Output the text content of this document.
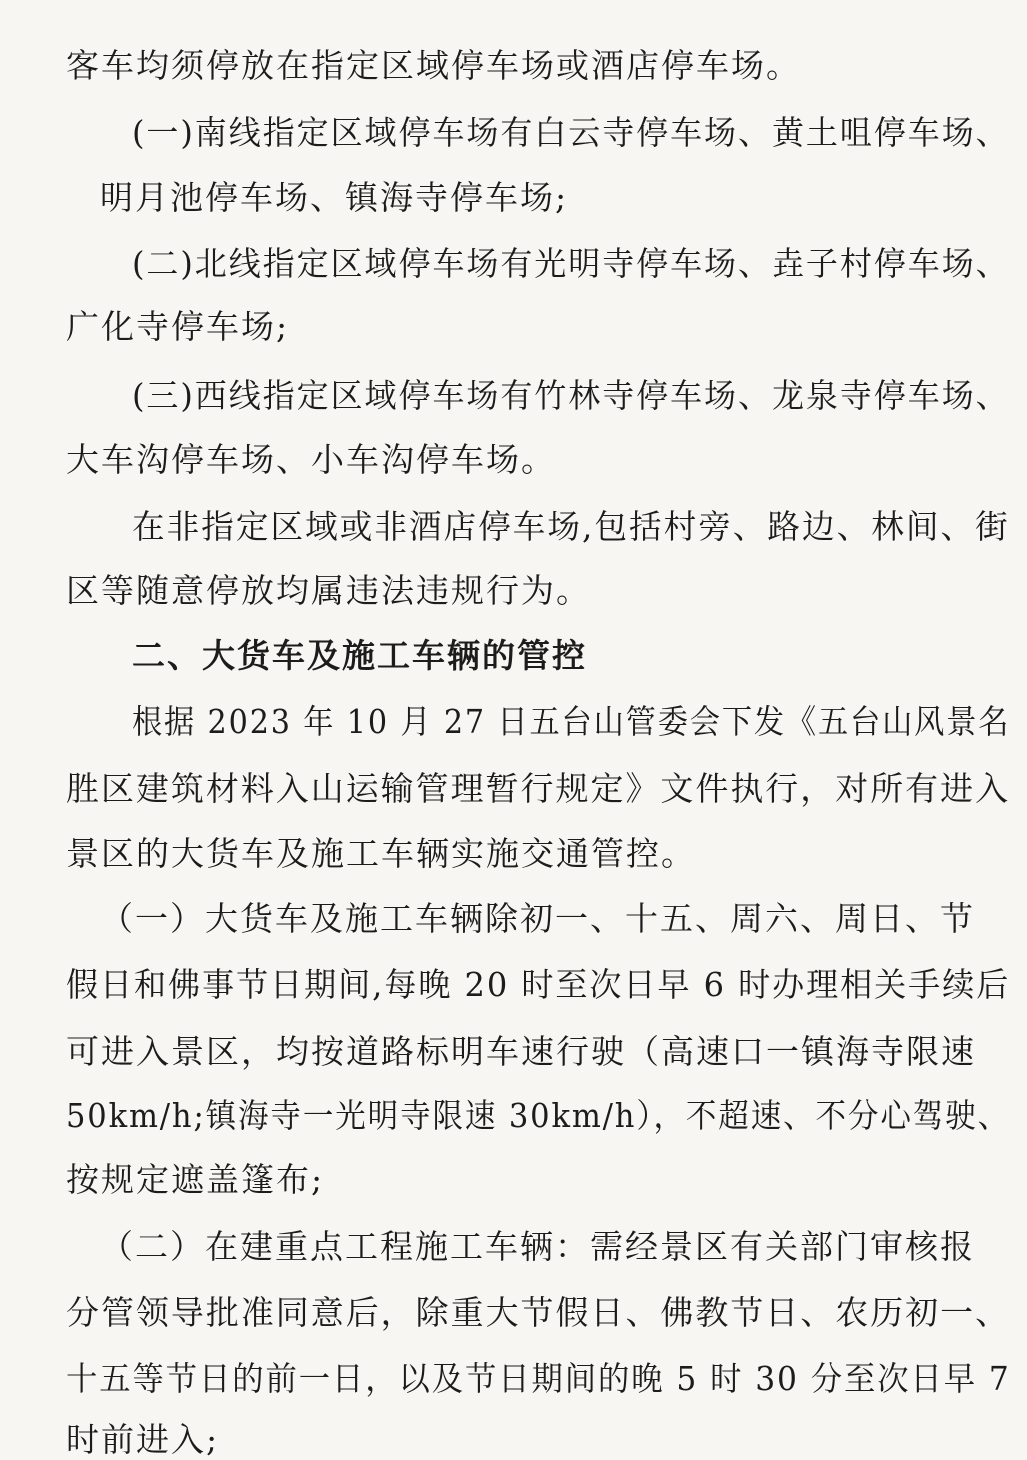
客车均须停放在指定区域停车场或酒店停车场。
(一)南线指定区域停车场有白云寺停车场、黄土咀停车场、
明月池停车场、镇海寺停车场;
(二)北线指定区域停车场有光明寺停车场、垚子村停车场、
广化寺停车场;
(三)西线指定区域停车场有竹林寺停车场、龙泉寺停车场、
大车沟停车场、小车沟停车场。
在非指定区域或非酒店停车场,包括村旁、路边、林间、街
区等随意停放均属违法违规行为。
二、大货车及施工车辆的管控
根据 2023 年 10 月 27 日五台山管委会下发《五台山风景名
胜区建筑材料入山运输管理暂行规定》文件执行，对所有进入
景区的大货车及施工车辆实施交通管控。
（一）大货车及施工车辆除初一、十五、周六、周日、节
假日和佛事节日期间,每晚 20 时至次日早 6 时办理相关手续后
可进入景区，均按道路标明车速行驶（高速口一镇海寺限速
50km/h;镇海寺一光明寺限速 30km/h），不超速、不分心驾驶、
按规定遮盖篷布;
（二）在建重点工程施工车辆：需经景区有关部门审核报
分管领导批准同意后，除重大节假日、佛教节日、农历初一、
十五等节日的前一日，以及节日期间的晚 5 时 30 分至次日早 7
时前进入;
